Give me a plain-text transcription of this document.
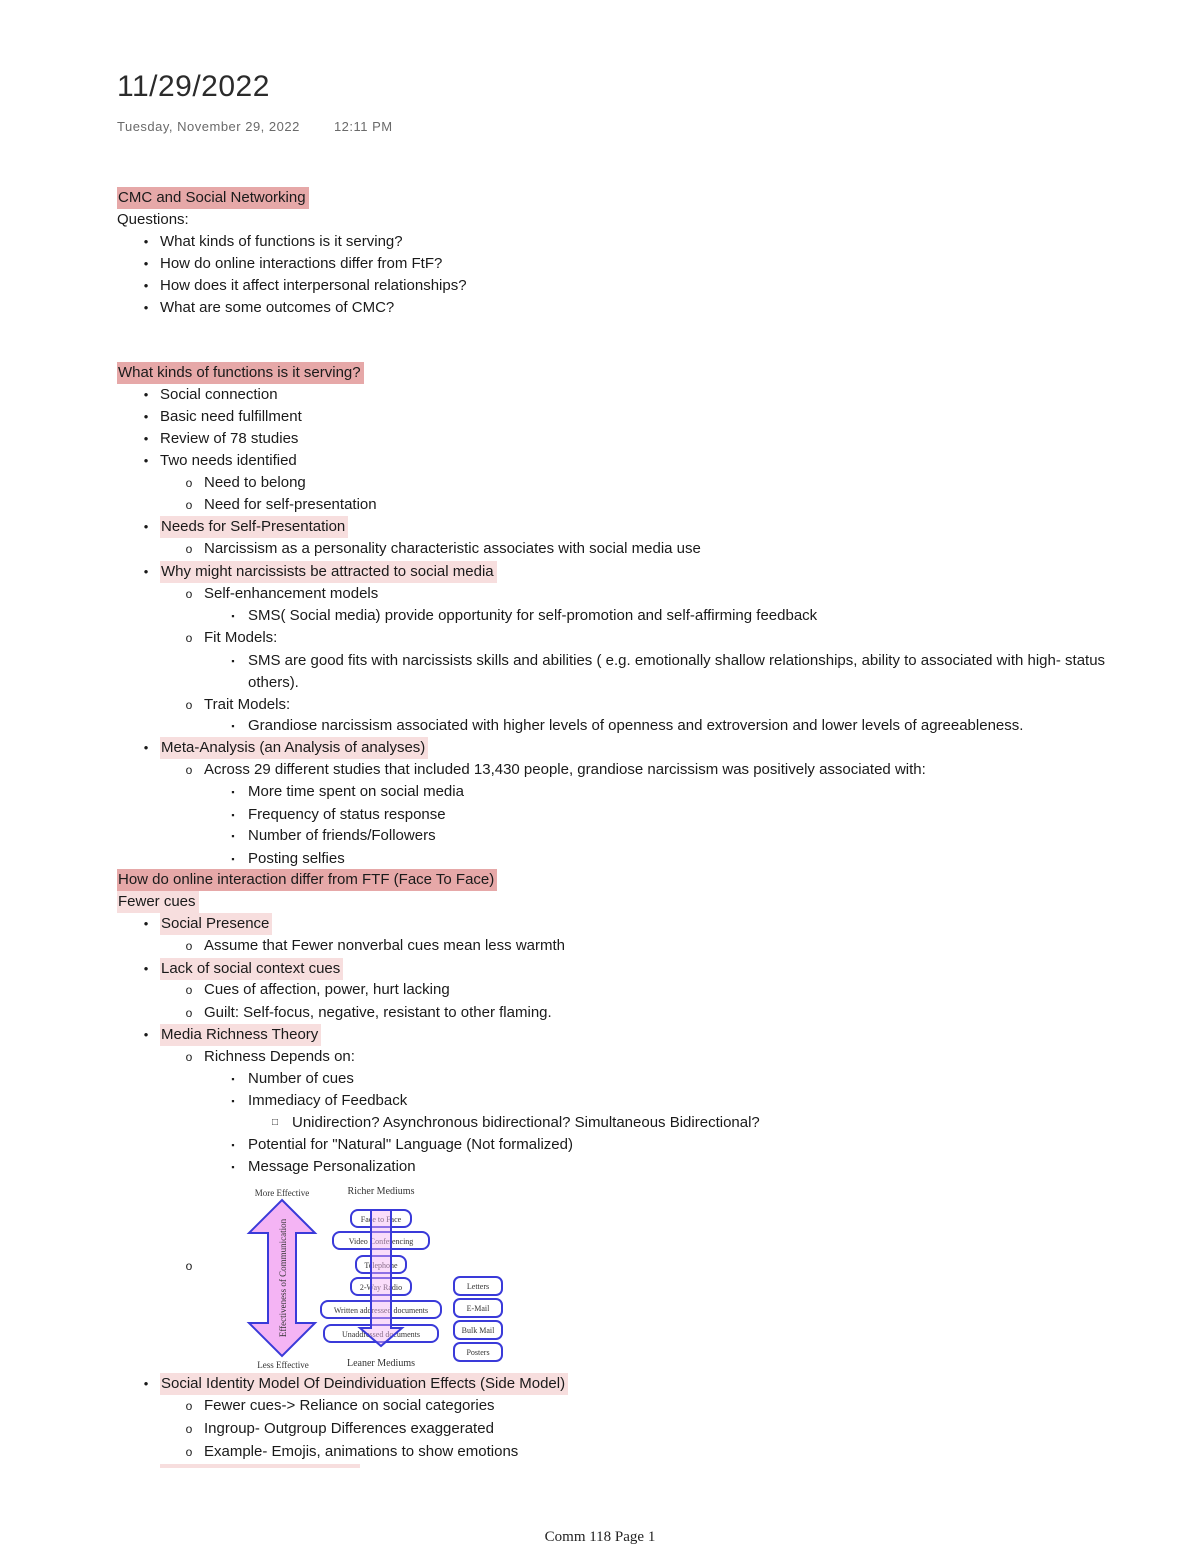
11/29/2022
Tuesday, November 29, 2022	12:11 PM
CMC and Social Networking
Questions:
• What kinds of functions is it serving?
• How do online interactions differ from FtF?
• How does it affect interpersonal relationships?
• What are some outcomes of CMC?
What kinds of functions is it serving?
• Social connection
• Basic need fulfillment
• Review of 78 studies
• Two needs identified
o Need to belong
o Need for self-presentation
• Needs for Self-Presentation
o Narcissism as a personality characteristic associates with social media use
• Why might narcissists be attracted to social media
o Self-enhancement models
▪ SMS( Social media) provide opportunity for self-promotion and self-affirming feedback
o Fit Models:
▪ SMS are good fits with narcissists skills and abilities ( e.g. emotionally shallow relationships, ability to associated with high- status
others).
o Trait Models:
▪ Grandiose narcissism associated with higher levels of openness and extroversion and lower levels of agreeableness.
• Meta-Analysis (an Analysis of analyses)
o Across 29 different studies that included 13,430 people, grandiose narcissism was positively associated with:
▪ More time spent on social media
▪ Frequency of status response
▪ Number of friends/Followers
▪ Posting selfies
How do online interaction differ from FTF (Face To Face)
Fewer cues
• Social Presence
o Assume that Fewer nonverbal cues mean less warmth
• Lack of social context cues
o Cues of affection, power, hurt lacking
o Guilt: Self-focus, negative, resistant to other flaming.
• Media Richness Theory
o Richness Depends on:
▪ Number of cues
▪ Immediacy of Feedback
□ Unidirection? Asynchronous bidirectional? Simultaneous Bidirectional?
▪ Potential for "Natural" Language (Not formalized)
▪ Message Personalization
o
• Social Identity Model Of Deindividuation Effects (Side Model)
o Fewer cues-> Reliance on social categories
o Ingroup- Outgroup Differences exaggerated
o Example- Emojis, animations to show emotions
More Effective
Less Effective
Richer Mediums
Leaner Mediums
Effectiveness of Communication	Face to Face
Video Conferencing
Telephone
2-Way Radio
Written addressed documents
Unaddressed documents
Letters
E-Mail
Bulk Mail
Posters
Comm 118 Page 1
